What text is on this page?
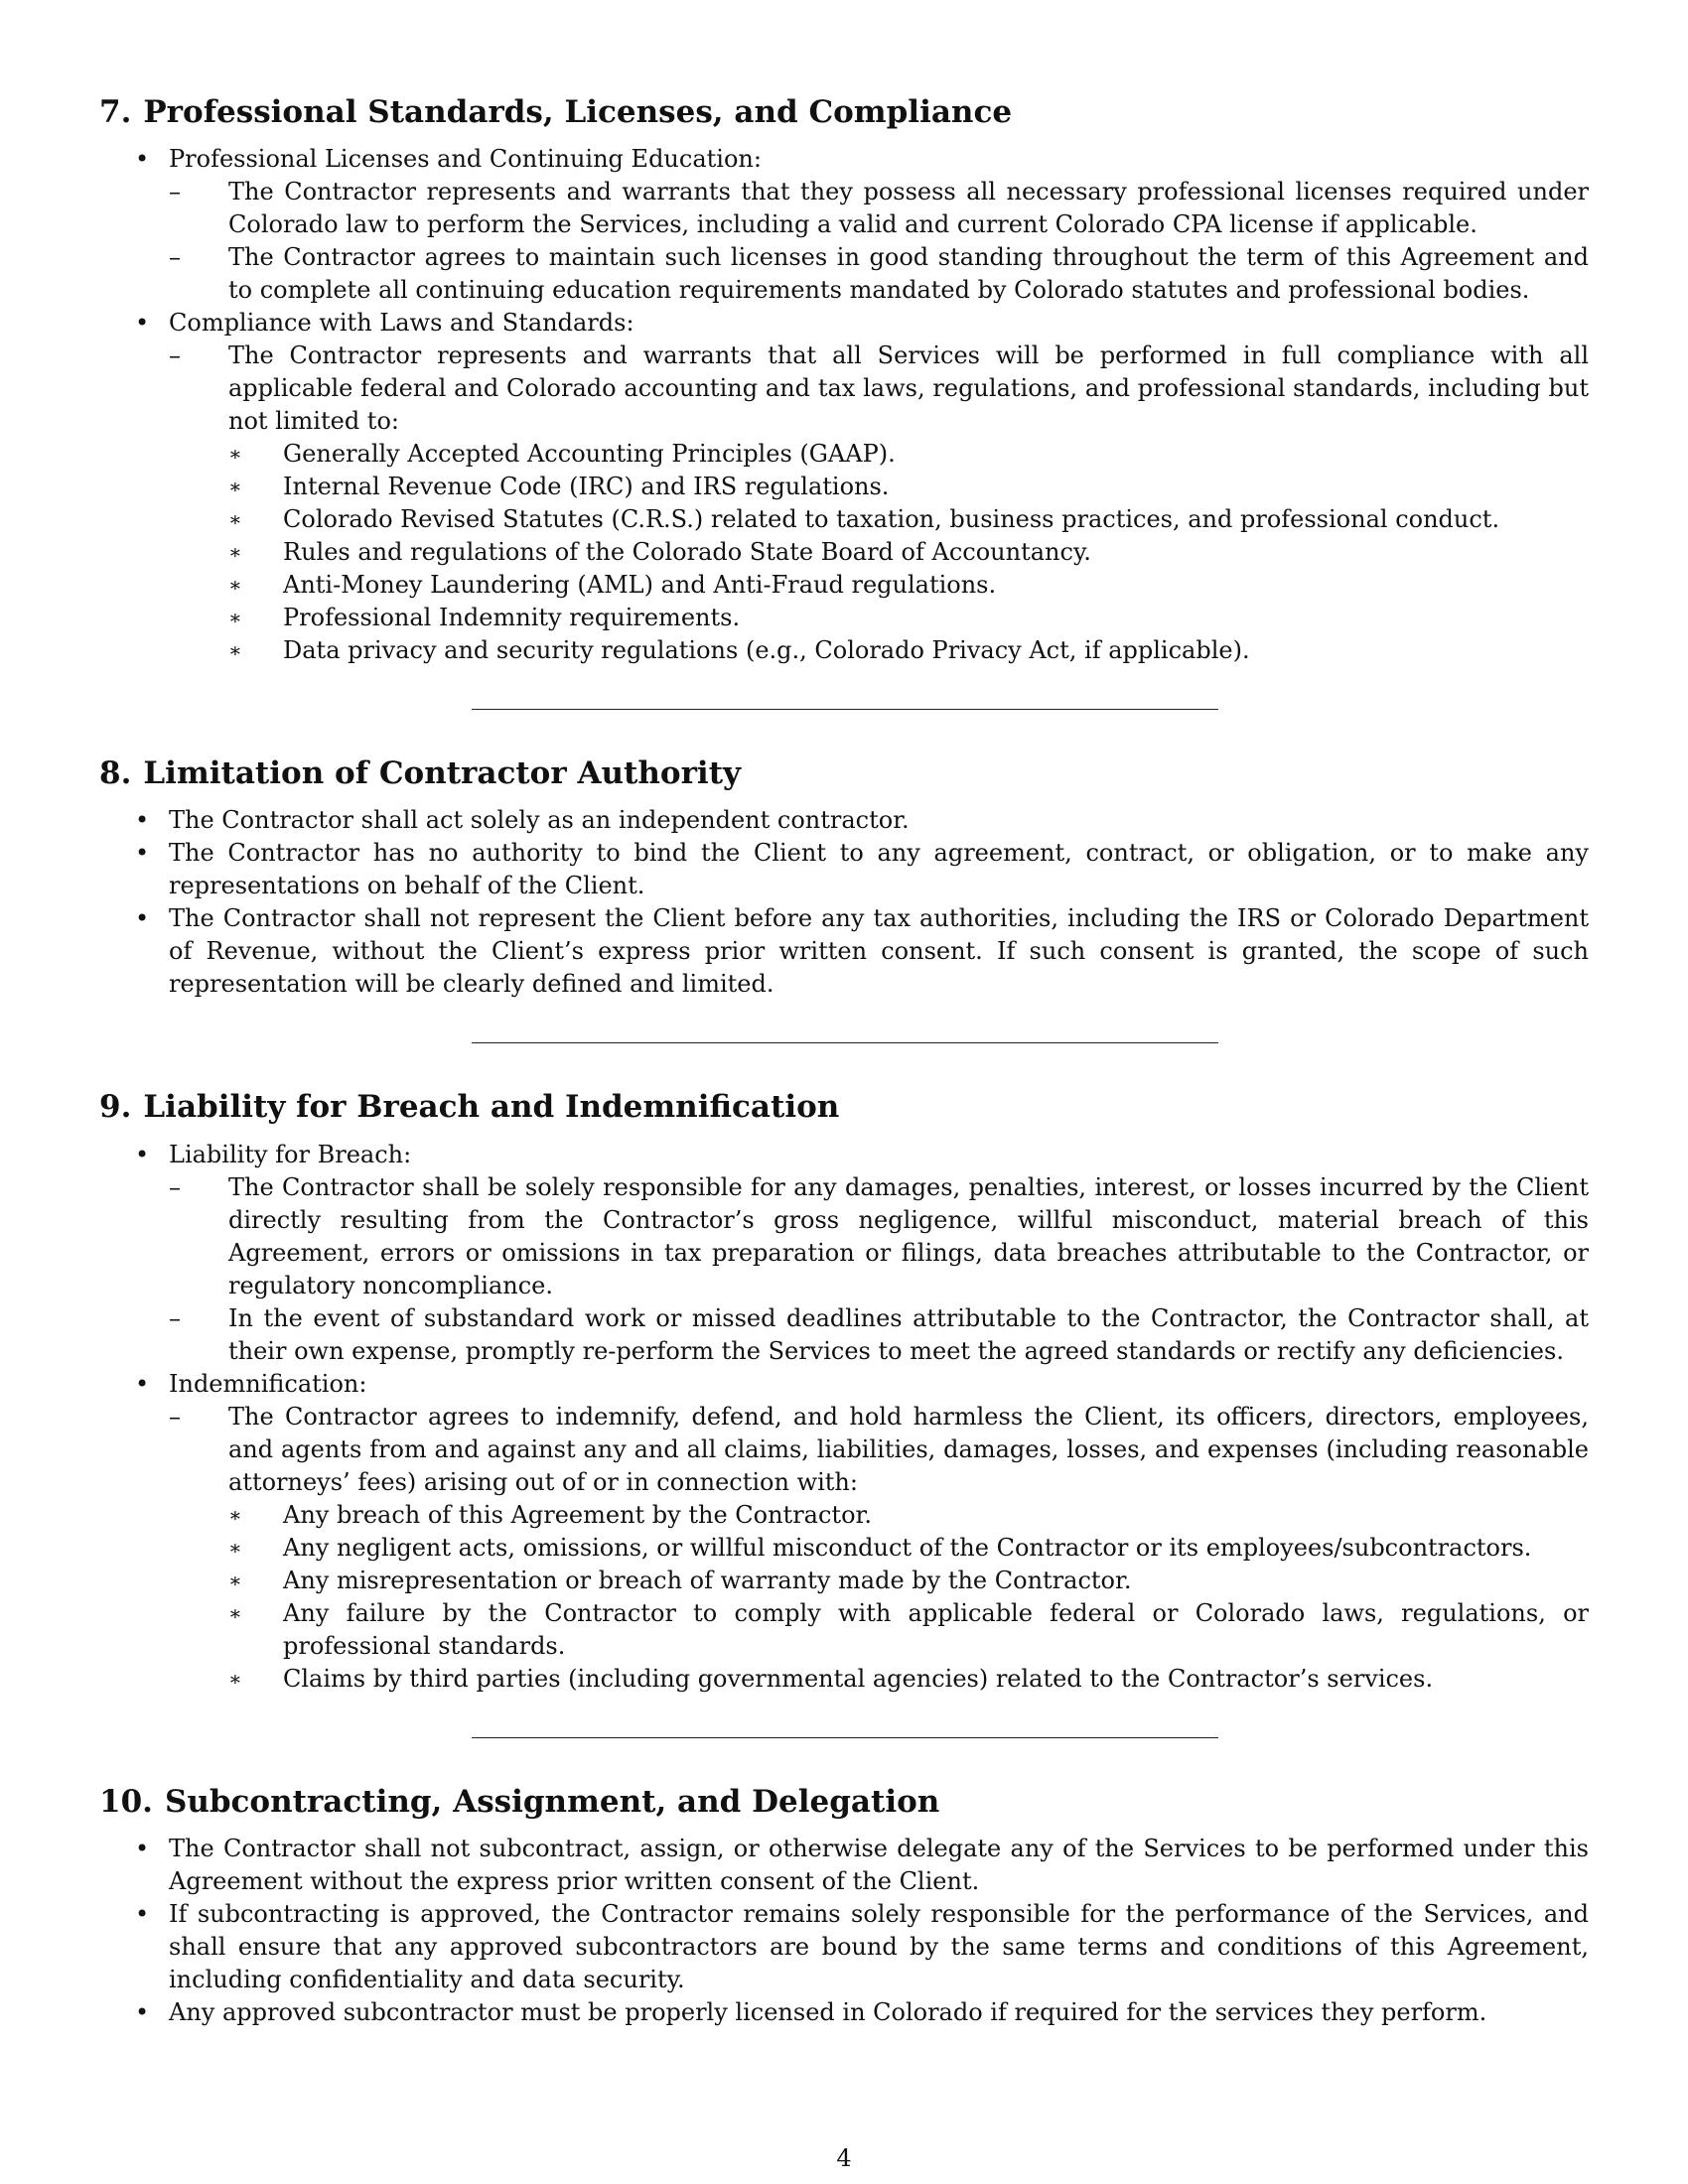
7. Professional Standards, Licenses, and Compliance
• Professional Licenses and Continuing Education:
– The Contractor represents and warrants that they possess all necessary professional licenses required under Colorado law to perform the Services, including a valid and current Colorado CPA license if applicable.
– The Contractor agrees to maintain such licenses in good standing throughout the term of this Agreement and to complete all continuing education requirements mandated by Colorado statutes and professional bodies.
• Compliance with Laws and Standards:
– The Contractor represents and warrants that all Services will be performed in full compliance with all applicable federal and Colorado accounting and tax laws, regulations, and professional standards, including but not limited to:
∗ Generally Accepted Accounting Principles (GAAP).
∗ Internal Revenue Code (IRC) and IRS regulations.
∗ Colorado Revised Statutes (C.R.S.) related to taxation, business practices, and professional conduct.
∗ Rules and regulations of the Colorado State Board of Accountancy.
∗ Anti-Money Laundering (AML) and Anti-Fraud regulations.
∗ Professional Indemnity requirements.
∗ Data privacy and security regulations (e.g., Colorado Privacy Act, if applicable).
8. Limitation of Contractor Authority
• The Contractor shall act solely as an independent contractor.
• The Contractor has no authority to bind the Client to any agreement, contract, or obligation, or to make any representations on behalf of the Client.
• The Contractor shall not represent the Client before any tax authorities, including the IRS or Colorado Department of Revenue, without the Client’s express prior written consent. If such consent is granted, the scope of such representation will be clearly defined and limited.
9. Liability for Breach and Indemnification
• Liability for Breach:
– The Contractor shall be solely responsible for any damages, penalties, interest, or losses incurred by the Client directly resulting from the Contractor’s gross negligence, willful misconduct, material breach of this Agreement, errors or omissions in tax preparation or filings, data breaches attributable to the Contractor, or regulatory noncompliance.
– In the event of substandard work or missed deadlines attributable to the Contractor, the Contractor shall, at their own expense, promptly re-perform the Services to meet the agreed standards or rectify any deficiencies.
• Indemnification:
– The Contractor agrees to indemnify, defend, and hold harmless the Client, its officers, directors, employees, and agents from and against any and all claims, liabilities, damages, losses, and expenses (including reasonable attorneys’ fees) arising out of or in connection with:
∗ Any breach of this Agreement by the Contractor.
∗ Any negligent acts, omissions, or willful misconduct of the Contractor or its employees/subcontractors.
∗ Any misrepresentation or breach of warranty made by the Contractor.
∗ Any failure by the Contractor to comply with applicable federal or Colorado laws, regulations, or professional standards.
∗ Claims by third parties (including governmental agencies) related to the Contractor’s services.
10. Subcontracting, Assignment, and Delegation
• The Contractor shall not subcontract, assign, or otherwise delegate any of the Services to be performed under this Agreement without the express prior written consent of the Client.
• If subcontracting is approved, the Contractor remains solely responsible for the performance of the Services, and shall ensure that any approved subcontractors are bound by the same terms and conditions of this Agreement, including confidentiality and data security.
• Any approved subcontractor must be properly licensed in Colorado if required for the services they perform.
4
